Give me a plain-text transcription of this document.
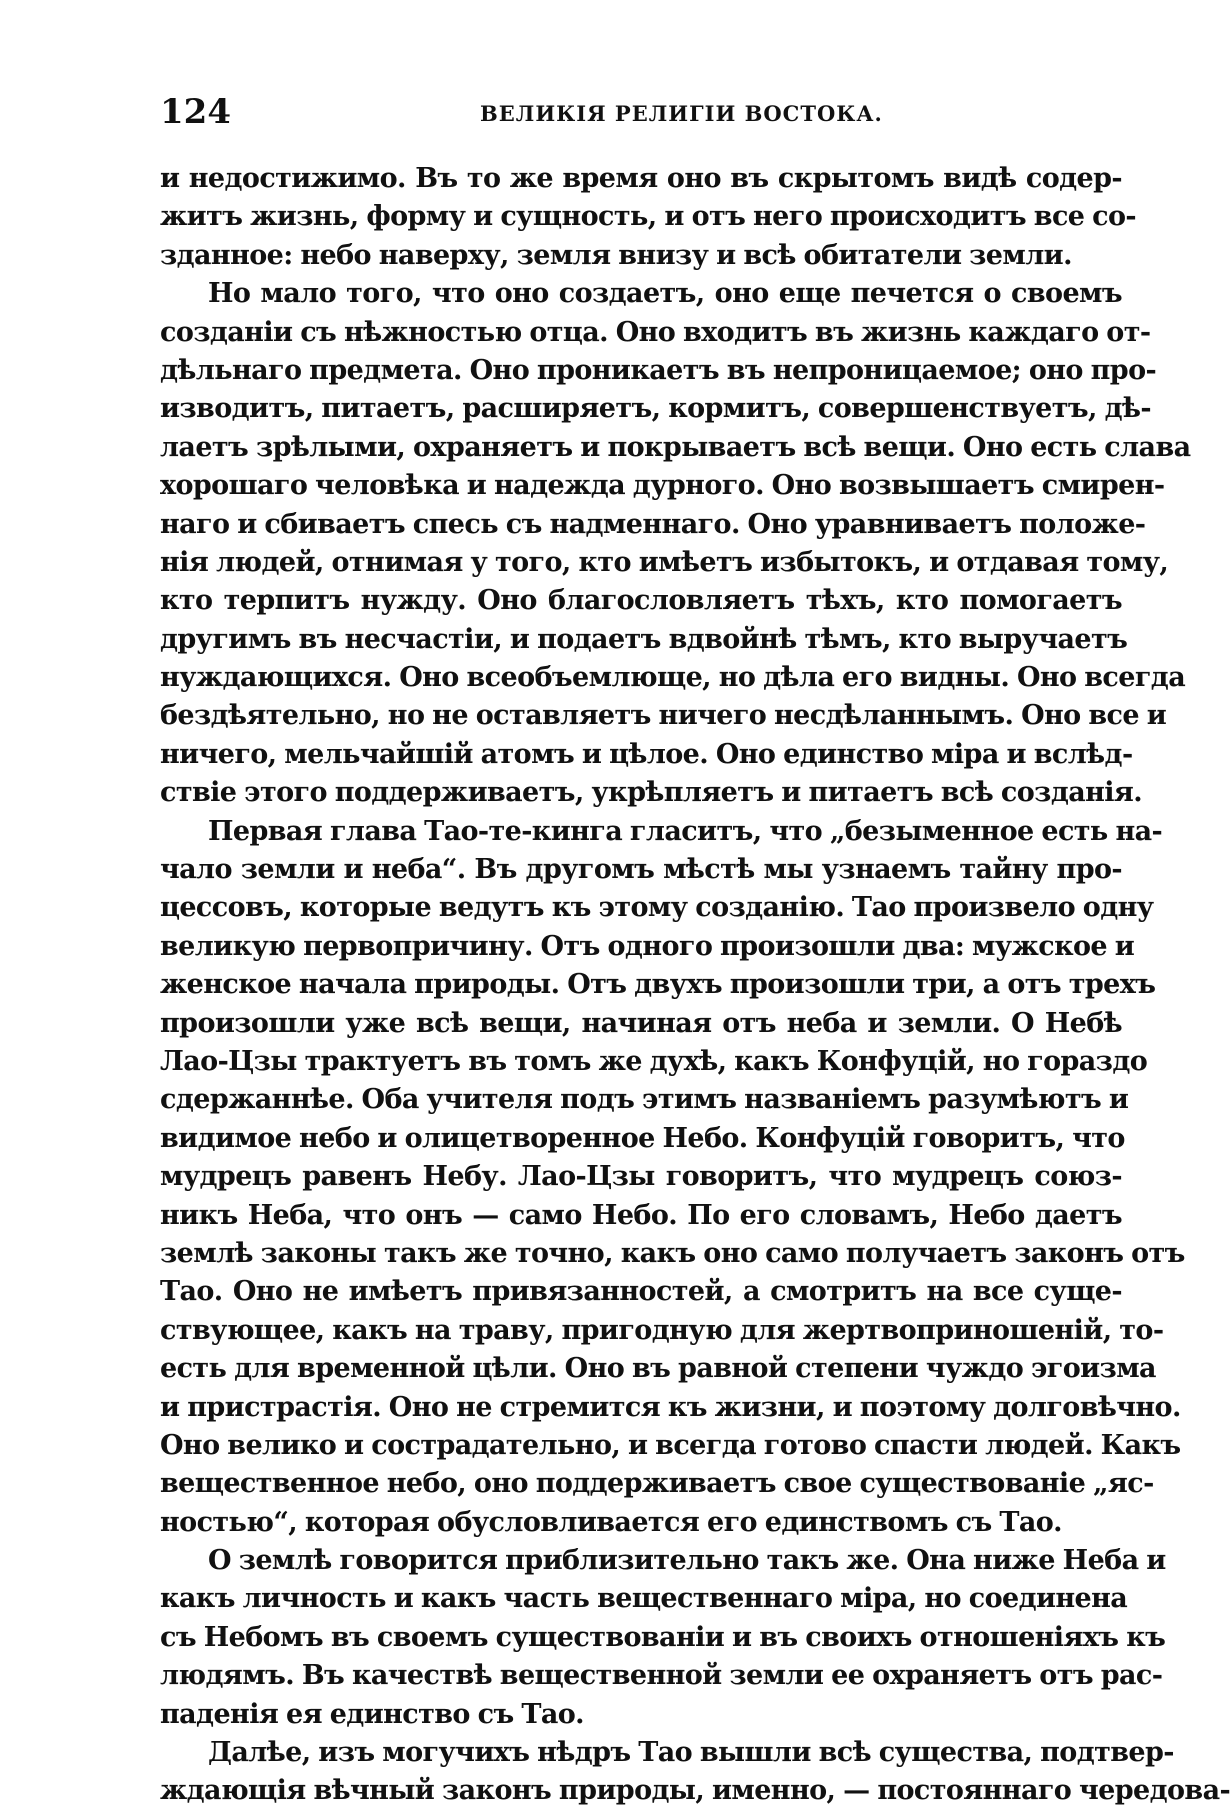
124	ВЕЛИКІЯ РЕЛИГІИ ВОСТОКА.
и недостижимо. Въ то же время оно въ скрытомъ видѣ содер-
житъ жизнь, форму и сущность, и отъ него происходитъ все со-
зданное: небо наверху, земля внизу и всѣ обитатели земли.
Но мало того, что оно создаетъ, оно еще печется о своемъ
созданіи съ нѣжностью отца. Оно входитъ въ жизнь каждаго от-
дѣльнаго предмета. Оно проникаетъ въ непроницаемое; оно про-
изводитъ, питаетъ, расширяетъ, кормитъ, совершенствуетъ, дѣ-
лаетъ зрѣлыми, охраняетъ и покрываетъ всѣ вещи. Оно есть слава
хорошаго человѣка и надежда дурного. Оно возвышаетъ смирен-
наго и сбиваетъ спесь съ надменнаго. Оно уравниваетъ положе-
нія людей, отнимая у того, кто имѣетъ избытокъ, и отдавая тому,
кто терпитъ нужду. Оно благословляетъ тѣхъ, кто помогаетъ
другимъ въ несчастіи, и подаетъ вдвойнѣ тѣмъ, кто выручаетъ
нуждающихся. Оно всеобъемлюще, но дѣла его видны. Оно всегда
бездѣятельно, но не оставляетъ ничего несдѣланнымъ. Оно все и
ничего, мельчайшій атомъ и цѣлое. Оно единство міра и вслѣд-
ствіе этого поддерживаетъ, укрѣпляетъ и питаетъ всѣ созданія.
Первая глава Тао-те-кинга гласитъ, что „безыменное есть на-
чало земли и неба“. Въ другомъ мѣстѣ мы узнаемъ тайну про-
цессовъ, которые ведутъ къ этому созданію. Тао произвело одну
великую первопричину. Отъ одного произошли два: мужское и
женское начала природы. Отъ двухъ произошли три, а отъ трехъ
произошли уже всѣ вещи, начиная отъ неба и земли. О Небѣ
Лао-Цзы трактуетъ въ томъ же духѣ, какъ Конфуцій, но гораздо
сдержаннѣе. Оба учителя подъ этимъ названіемъ разумѣютъ и
видимое небо и олицетворенное Небо. Конфуцій говоритъ, что
мудрецъ равенъ Небу. Лао-Цзы говоритъ, что мудрецъ союз-
никъ Неба, что онъ — само Небо. По его словамъ, Небо даетъ
землѣ законы такъ же точно, какъ оно само получаетъ законъ отъ
Тао. Оно не имѣетъ привязанностей, а смотритъ на все суще-
ствующее, какъ на траву, пригодную для жертвоприношеній, то-
есть для временной цѣли. Оно въ равной степени чуждо эгоизма
и пристрастія. Оно не стремится къ жизни, и поэтому долговѣчно.
Оно велико и сострадательно, и всегда готово спасти людей. Какъ
вещественное небо, оно поддерживаетъ свое существованіе „яс-
ностью“, которая обусловливается его единствомъ съ Тао.
О землѣ говорится приблизительно такъ же. Она ниже Неба и
какъ личность и какъ часть вещественнаго міра, но соединена
съ Небомъ въ своемъ существованіи и въ своихъ отношеніяхъ къ
людямъ. Въ качествѣ вещественной земли ее охраняетъ отъ рас-
паденія ея единство съ Тао.
Далѣе, изъ могучихъ нѣдръ Тао вышли всѣ существа, подтвер-
ждающія вѣчный законъ природы, именно, — постояннаго чередова-
